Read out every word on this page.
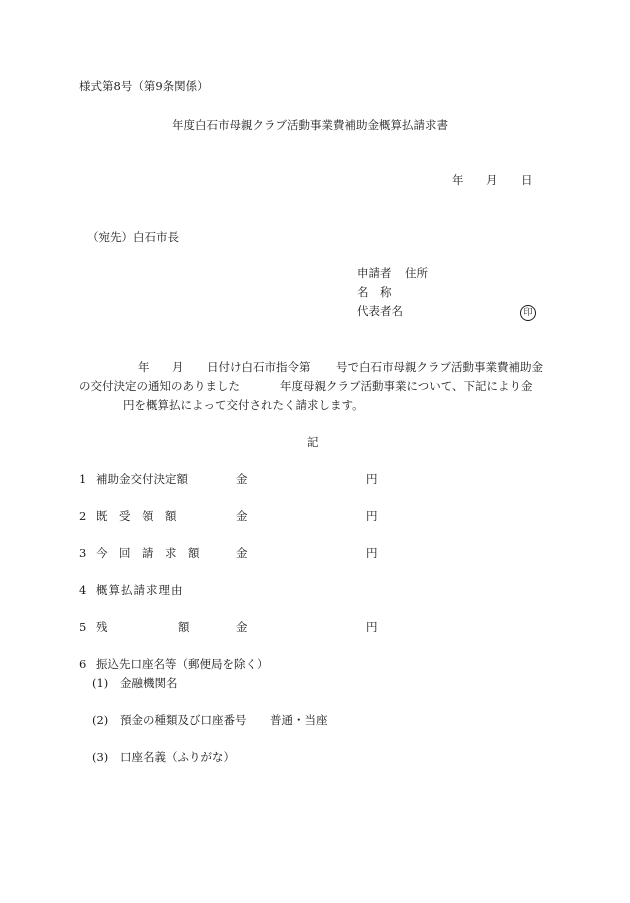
様式第8号（第9条関係）
年度白石市母親クラブ活動事業費補助金概算払請求書
年 月 日
（宛先）白石市長
申請者 住所
名　称
代表者名	印
年 月 日付け白石市指令第 号で白石市母親クラブ活動事業費補助金
の交付決定の通知のありました	年度母親クラブ活動事業について、下記により金
円を概算払によって交付されたく請求します。
記
1 補助金交付決定額	金	円
2 既　受　領　額	金	円
3 今　回　請　求　額	金	円
4 概算払請求理由
5 残	額	金	円
6 振込先口座名等（郵便局を除く）
(1) 金融機関名
(2) 預金の種類及び口座番号 普通・当座
(3) 口座名義（ふりがな）
